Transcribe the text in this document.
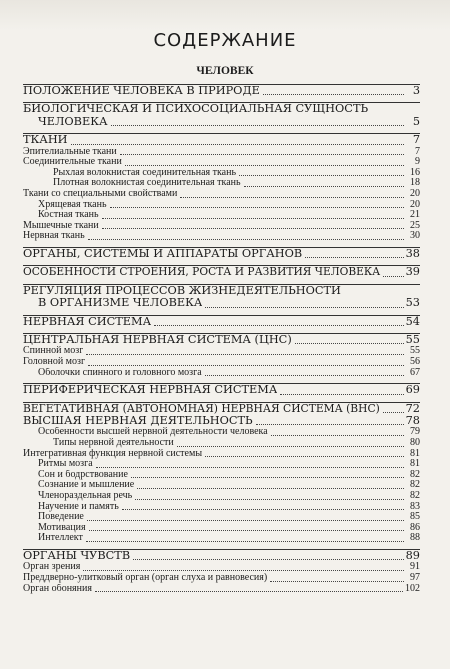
СОДЕРЖАНИЕ
ЧЕЛОВЕК
ПОЛОЖЕНИЕ ЧЕЛОВЕКА В ПРИРОДЕ	3
БИОЛОГИЧЕСКАЯ И ПСИХОСОЦИАЛЬНАЯ СУЩНОСТЬ
ЧЕЛОВЕКА	5
ТКАНИ	7
Эпителиальные ткани	7
Соединительные ткани	9
Рыхлая волокнистая соединительная ткань	16
Плотная волокнистая соединительная ткань	18
Ткани со специальными свойствами	20
Хрящевая ткань	20
Костная ткань	21
Мышечные ткани	25
Нервная ткань	30
ОРГАНЫ, СИСТЕМЫ И АППАРАТЫ ОРГАНОВ	38
ОСОБЕННОСТИ СТРОЕНИЯ, РОСТА И РАЗВИТИЯ ЧЕЛОВЕКА 39
РЕГУЛЯЦИЯ ПРОЦЕССОВ ЖИЗНЕДЕЯТЕЛЬНОСТИ
В ОРГАНИЗМЕ ЧЕЛОВЕКА	53
НЕРВНАЯ СИСТЕМА	54
ЦЕНТРАЛЬНАЯ НЕРВНАЯ СИСТЕМА (ЦНС)	55
Спинной мозг	55
Головной мозг	56
Оболочки спинного и головного мозга	67
ПЕРИФЕРИЧЕСКАЯ НЕРВНАЯ СИСТЕМА	69
ВЕГЕТАТИВНАЯ (АВТОНОМНАЯ) НЕРВНАЯ СИСТЕМА (ВНС) 72
ВЫСШАЯ НЕРВНАЯ ДЕЯТЕЛЬНОСТЬ	78
Особенности высшей нервной деятельности человека	79
Типы нервной деятельности	80
Интегративная функция нервной системы	81
Ритмы мозга	81
Сон и бодрствование	82
Сознание и мышление	82
Членораздельная речь	82
Научение и память	83
Поведение	85
Мотивация	86
Интеллект	88
ОРГАНЫ ЧУВСТВ	89
Орган зрения	91
Преддверно-улитковый орган (орган слуха и равновесия)	97
Орган обоняния	102
